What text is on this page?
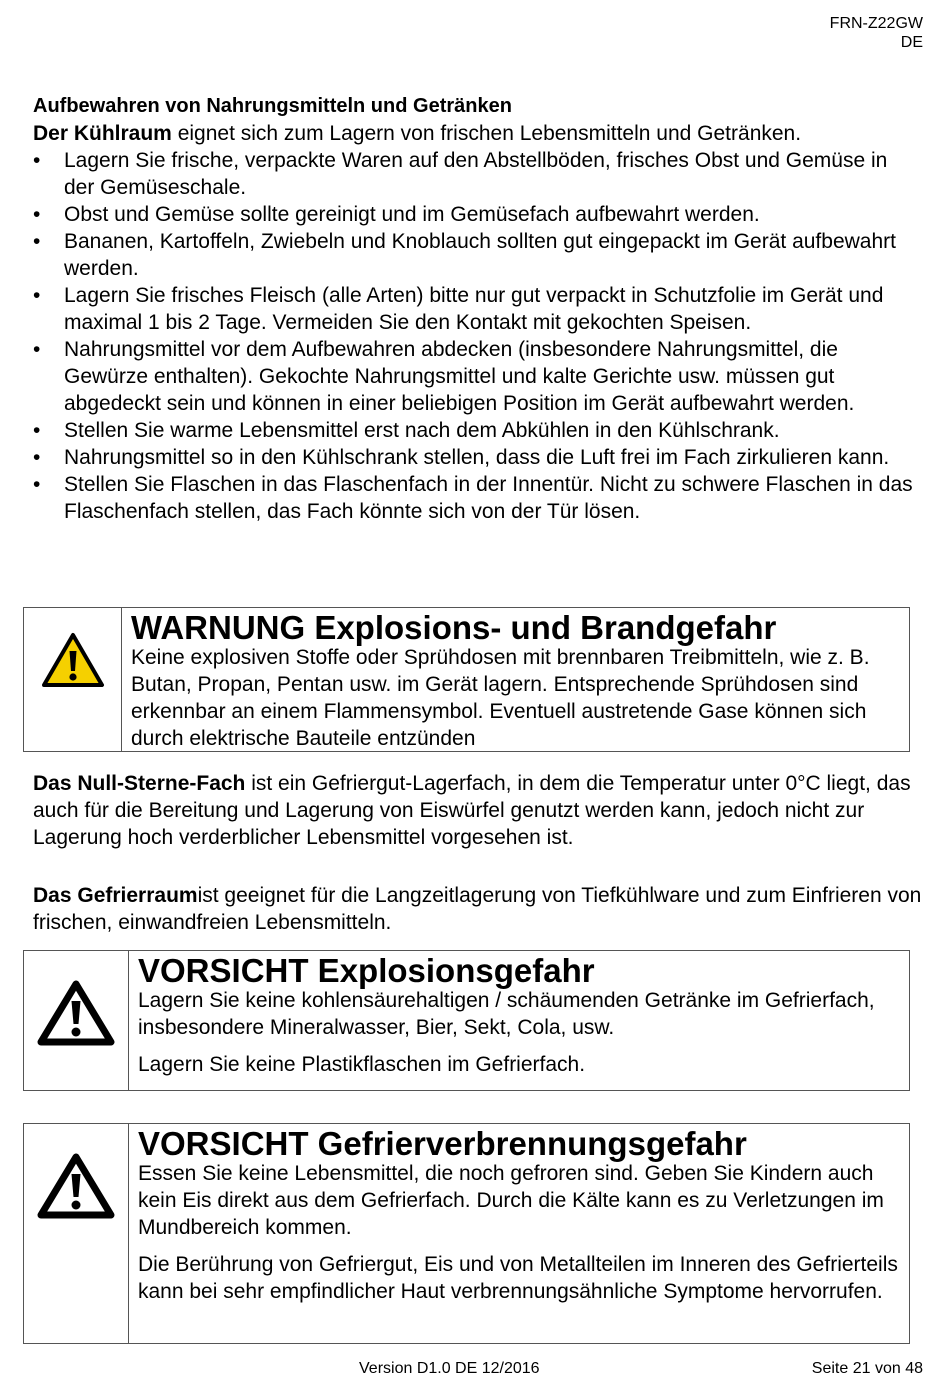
FRN-Z22GW
DE
Aufbewahren von Nahrungsmitteln und Getränken
Der Kühlraum eignet sich zum Lagern von frischen Lebensmitteln und Getränken.
• Lagern Sie frische, verpackte Waren auf den Abstellböden, frisches Obst und Gemüse in der Gemüseschale.
• Obst und Gemüse sollte gereinigt und im Gemüsefach aufbewahrt werden.
• Bananen, Kartoffeln, Zwiebeln und Knoblauch sollten gut eingepackt im Gerät aufbewahrt werden.
• Lagern Sie frisches Fleisch (alle Arten) bitte nur gut verpackt in Schutzfolie im Gerät und maximal 1 bis 2 Tage. Vermeiden Sie den Kontakt mit gekochten Speisen.
• Nahrungsmittel vor dem Aufbewahren abdecken (insbesondere Nahrungsmittel, die Gewürze enthalten). Gekochte Nahrungsmittel und kalte Gerichte usw. müssen gut abgedeckt sein und können in einer beliebigen Position im Gerät aufbewahrt werden.
• Stellen Sie warme Lebensmittel erst nach dem Abkühlen in den Kühlschrank.
• Nahrungsmittel so in den Kühlschrank stellen, dass die Luft frei im Fach zirkulieren kann.
• Stellen Sie Flaschen in das Flaschenfach in der Innentür. Nicht zu schwere Flaschen in das Flaschenfach stellen, das Fach könnte sich von der Tür lösen.
WARNUNG Explosions- und Brandgefahr
Keine explosiven Stoffe oder Sprühdosen mit brennbaren Treibmitteln, wie z. B. Butan, Propan, Pentan usw. im Gerät lagern. Entsprechende Sprühdosen sind erkennbar an einem Flammensymbol. Eventuell austretende Gase können sich durch elektrische Bauteile entzünden
Das Null-Sterne-Fach ist ein Gefriergut-Lagerfach, in dem die Temperatur unter 0°C liegt, das auch für die Bereitung und Lagerung von Eiswürfel genutzt werden kann, jedoch nicht zur Lagerung hoch verderblicher Lebensmittel vorgesehen ist.
Das Gefrierraumist geeignet für die Langzeitlagerung von Tiefkühlware und zum Einfrieren von frischen, einwandfreien Lebensmitteln.
VORSICHT Explosionsgefahr
Lagern Sie keine kohlensäurehaltigen / schäumenden Getränke im Gefrierfach, insbesondere Mineralwasser, Bier, Sekt, Cola, usw.
Lagern Sie keine Plastikflaschen im Gefrierfach.
VORSICHT Gefrierverbrennungsgefahr
Essen Sie keine Lebensmittel, die noch gefroren sind. Geben Sie Kindern auch kein Eis direkt aus dem Gefrierfach. Durch die Kälte kann es zu Verletzungen im Mundbereich kommen.
Die Berührung von Gefriergut, Eis und von Metallteilen im Inneren des Gefrierteils kann bei sehr empfindlicher Haut verbrennungsähnliche Symptome hervorrufen.
Version D1.0 DE 12/2016	Seite 21 von 48
